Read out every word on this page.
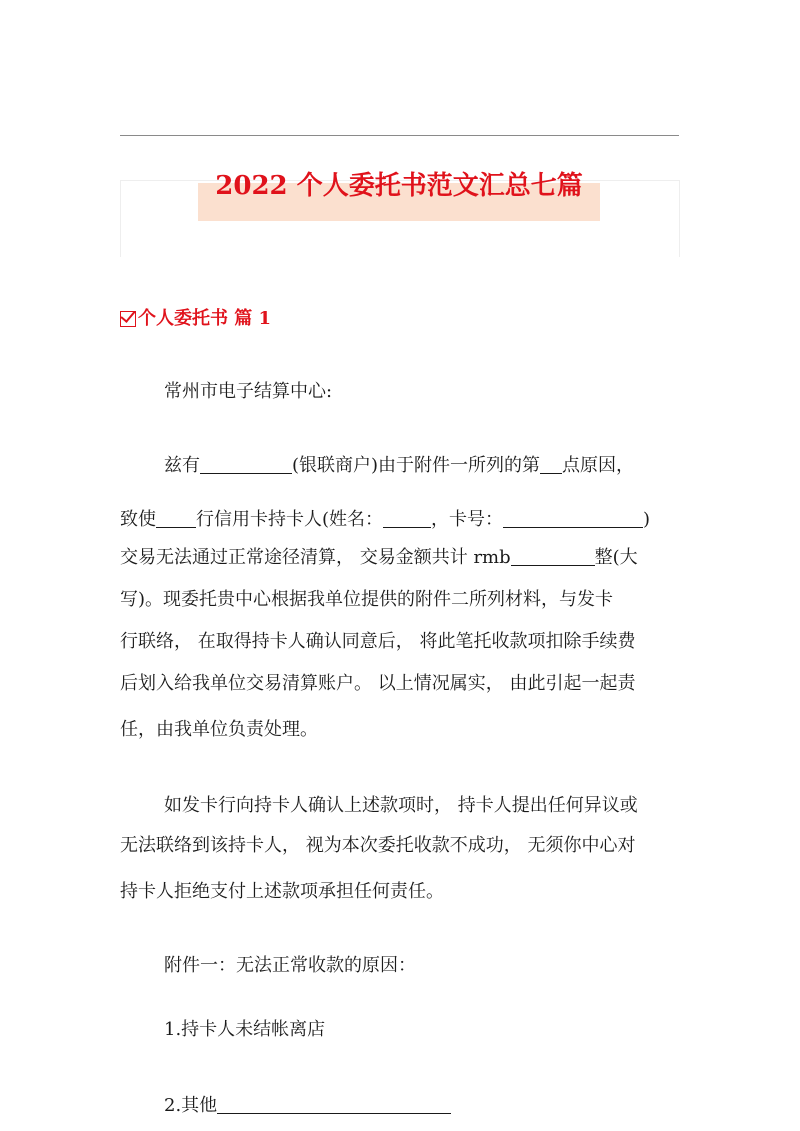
2022 个人委托书范文汇总七篇
个人委托书 篇 1
常州市电子结算中心:
兹有	(银联商户)由于附件一所列的第 点原因，
致使 行信用卡持卡人(姓名：	，卡号：	)
交易无法通过正常途径清算， 交易金额共计 rmb	整(大
写)。现委托贵中心根据我单位提供的附件二所列材料，与发卡
行联络， 在取得持卡人确认同意后， 将此笔托收款项扣除手续费
后划入给我单位交易清算账户。 以上情况属实， 由此引起一起责
任，由我单位负责处理。
如发卡行向持卡人确认上述款项时， 持卡人提出任何异议或
无法联络到该持卡人， 视为本次委托收款不成功， 无须你中心对
持卡人拒绝支付上述款项承担任何责任。
附件一：无法正常收款的原因：
1.持卡人未结帐离店
2.其他
